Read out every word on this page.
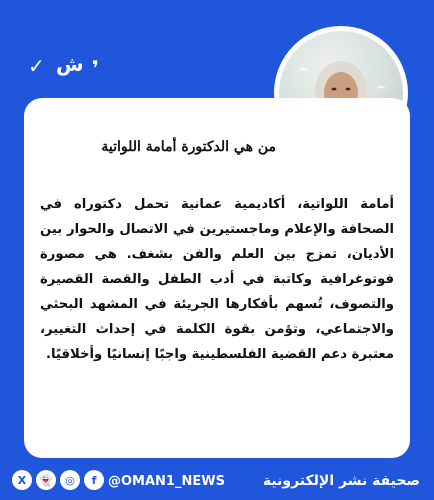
✓ ش ❜
من هي الدكتورة أمامة اللواتية
أمامة اللواتية، أكاديمية عمانية تحمل دكتوراه في الصحافة والإعلام وماجستيرين في الاتصال والحوار بين الأديان، تمزج بين العلم والفن بشغف. هي مصورة فوتوغرافية وكاتبة في أدب الطفل والقصة القصيرة والتصوف، تُسهم بأفكارها الجريئة في المشهد البحثي والاجتماعي، وتؤمن بقوة الكلمة في إحداث التغيير، معتبرة دعم القضية الفلسطينية واجبًا إنسانيًا وأخلاقيًا.
X	👻	◎	f @OMAN1_NEWS	صحيفة نشر الإلكترونية
